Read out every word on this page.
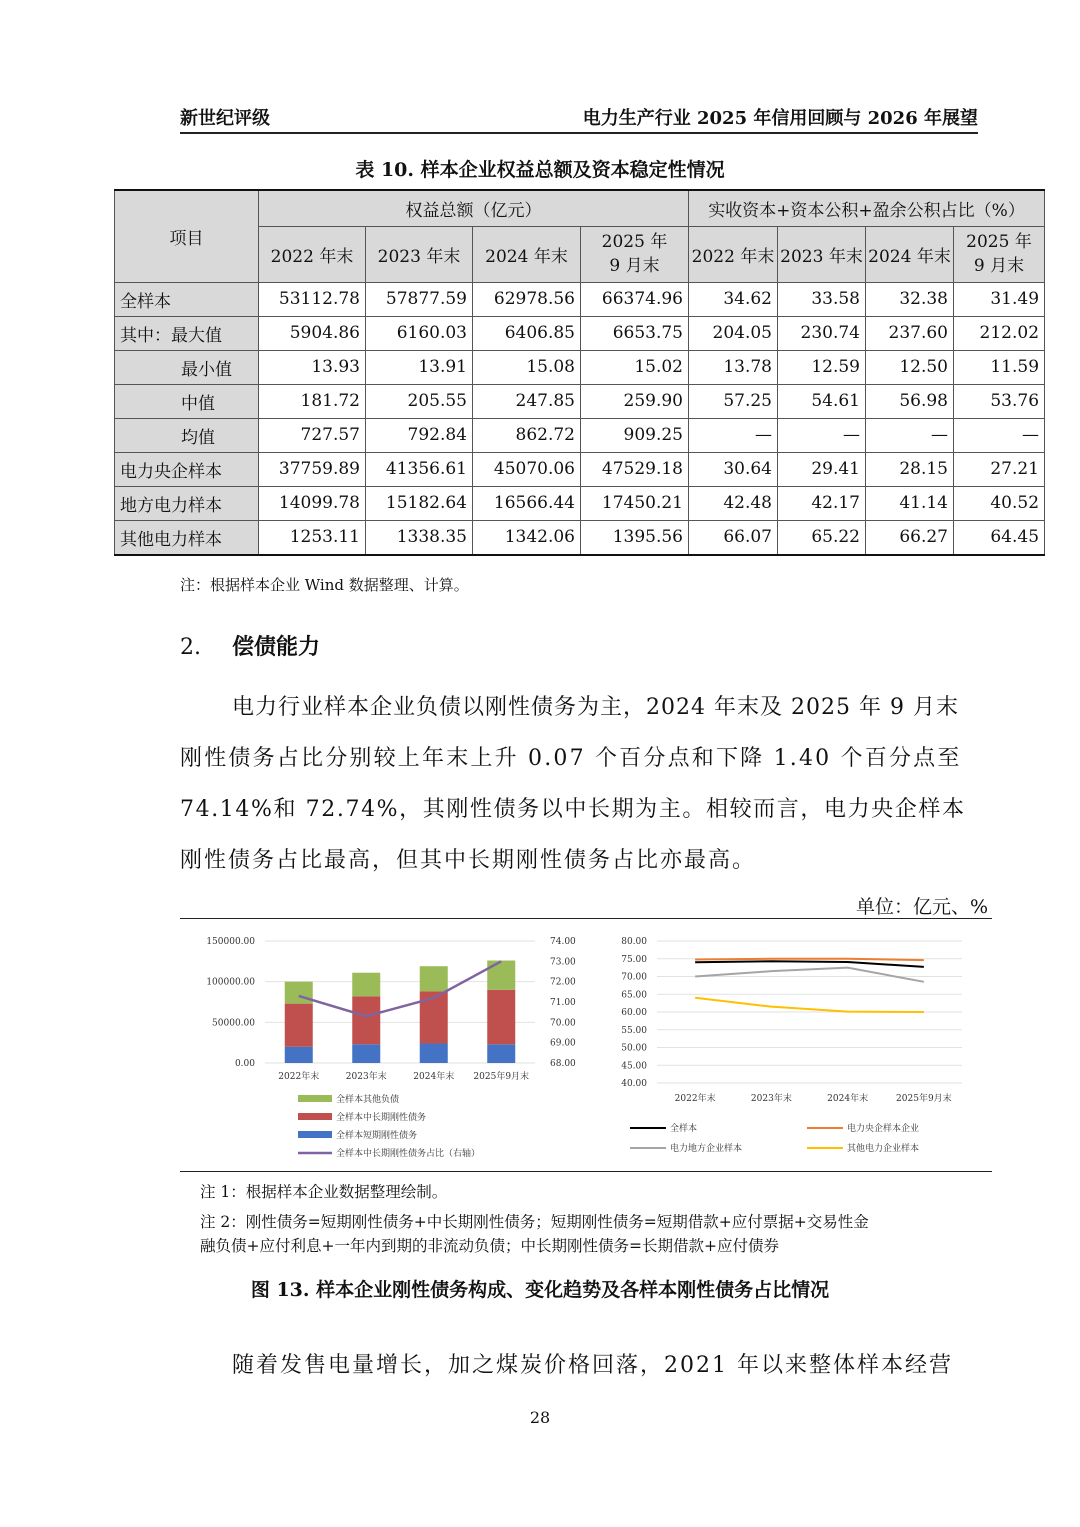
新世纪评级	电力生产行业 2025 年信用回顾与 2026 年展望
表 10. 样本企业权益总额及资本稳定性情况
项目	权益总额（亿元）				实收资本+资本公积+盈余公积占比（%）			
	2022 年末	2023 年末	2024 年末	2025 年
9 月末	2022 年末	2023 年末	2024 年末	2025 年
9 月末
全样本	53112.78	57877.59	62978.56	66374.96	34.62	33.58	32.38	31.49
其中：最大值	5904.86	6160.03	6406.85	6653.75	204.05	230.74	237.60	212.02
最小值	13.93	13.91	15.08	15.02	13.78	12.59	12.50	11.59
中值	181.72	205.55	247.85	259.90	57.25	54.61	56.98	53.76
均值	727.57	792.84	862.72	909.25	—	—	—	—
电力央企样本	37759.89	41356.61	45070.06	47529.18	30.64	29.41	28.15	27.21
地方电力样本	14099.78	15182.64	16566.44	17450.21	42.48	42.17	41.14	40.52
其他电力样本	1253.11	1338.35	1342.06	1395.56	66.07	65.22	66.27	64.45
注：根据样本企业 Wind 数据整理、计算。
2. 偿债能力
电力行业样本企业负债以刚性债务为主，2024 年末及 2025 年 9 月末
刚性债务占比分别较上年末上升 0.07 个百分点和下降 1.40 个百分点至
74.14%和 72.74%，其刚性债务以中长期为主。相较而言，电力央企样本
刚性债务占比最高，但其中长期刚性债务占比亦最高。
单位：亿元、%
0.00
50000.00
100000.00
150000.00
68.00
69.00
70.00
71.00
72.00
73.00
74.00
2022年末	2023年末	2024年末 2025年9月末
全样本其他负债
全样本中长期刚性债务
全样本短期刚性债务
全样本中长期刚性债务占比（右轴）
40.00
45.00
50.00
55.00
60.00
65.00
70.00
75.00
80.00
2022年末	2023年末	2024年末	2025年9月末
全样本	电力央企样本企业
电力地方企业样本	其他电力企业样本
注 1：根据样本企业数据整理绘制。
注 2：刚性债务=短期刚性债务+中长期刚性债务；短期刚性债务=短期借款+应付票据+交易性金
融负债+应付利息+一年内到期的非流动负债；中长期刚性债务=长期借款+应付债券
图 13. 样本企业刚性债务构成、变化趋势及各样本刚性债务占比情况
随着发售电量增长，加之煤炭价格回落，2021 年以来整体样本经营
28
